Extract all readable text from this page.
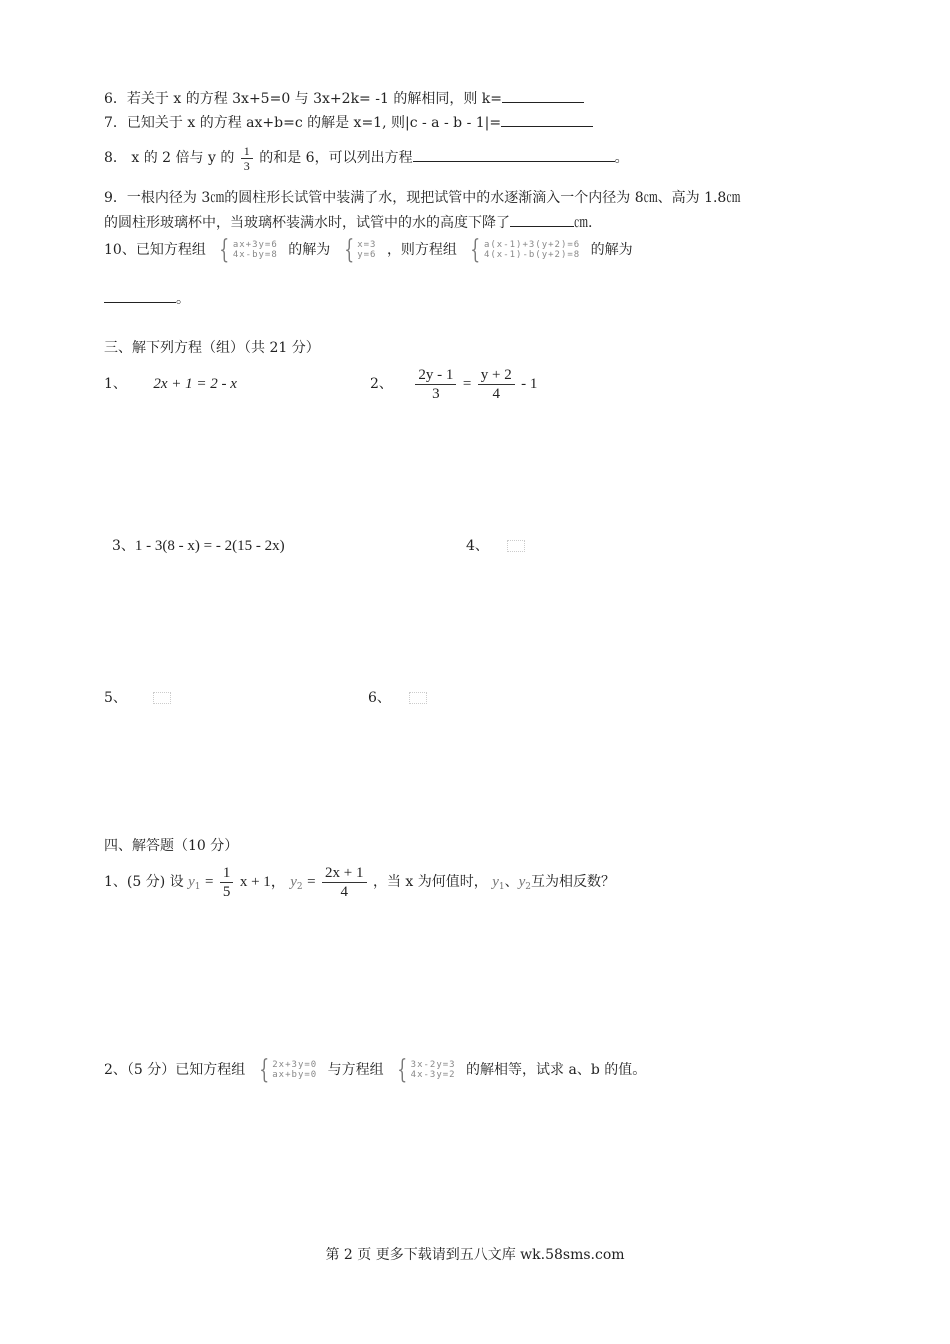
6．若关于 x 的方程 3x+5=0 与 3x+2k= -1 的解相同，则 k=
7．已知关于 x 的方程 ax+b=c 的解是 x=1, 则|c - a - b - 1|=
8． x 的 2 倍与 y 的 $\frac{1}{3}$ 的和是 6，可以列出方程	。
9．一根内径为 3㎝的圆柱形长试管中装满了水，现把试管中的水逐渐滴入一个内径为 8㎝、高为 1.8㎝
的圆柱形玻璃杯中，当玻璃杯装满水时，试管中的水的高度下降了	㎝.
10、已知方程组 { ax+3y=6
4x-by=8 的解为 { x=3
y=6 ，则方程组 { a(x-1)+3(y+2)=6
4(x-1)-b(y+2)=8 的解为
。
三、解下列方程（组）（共 21 分）
1、 2x + 1 = 2 - x	2、 $\frac{2y - 1}{3} = \frac{y + 2}{4} - 1$
3、1 - 3(8 - x) = - 2(15 - 2x)	4、
5、	6、
四、解答题（10 分）
1、(5 分) 设 $y_1 = \frac{1}{5}$ x + 1， $y_2 = \frac{2x + 1}{4}$ ，当 x 为何值时， $y_1$、$y_2$互为相反数？
2、（5 分）已知方程组 { 2x+3y=0
ax+by=0 与方程组 { 3x-2y=3
4x-3y=2 的解相等，试求 a、b 的值。
第 2 页 更多下载请到五八文库 wk.58sms.com
